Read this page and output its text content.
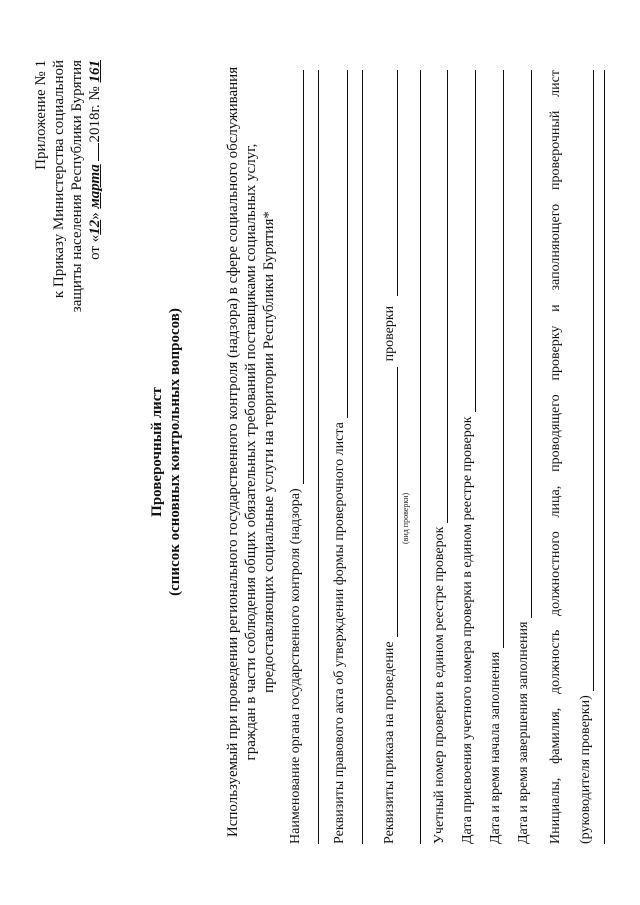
Приложение № 1 к Приказу Министерства социальной защиты населения Республики Бурятия от «12» марта 2018г. № 161
Проверочный лист (список основных контрольных вопросов)	Используемый при проведении регионального государственного контроля (надзора) в сфере социального обслуживания граждан в части соблюдения общих обязательных требований поставщиками социальных услуг, предоставляющих социальные услуги на территории Республики Бурятия* Наименование органа государственного контроля (надзора) Реквизиты правового акта об утверждении формы проверочного листа	Реквизиты приказа на проведение
проверки
(вид проверки)
Учетный номер проверки в едином реестре проверок Дата присвоения учетного номера проверки в едином реестре проверок Дата и время начала заполнения Дата и время завершения заполнения Инициалы,
фамилия,
должность
должностного
лица,
проводящего
проверку
и
заполняющего
проверочный
лист
(руководителя проверки)
